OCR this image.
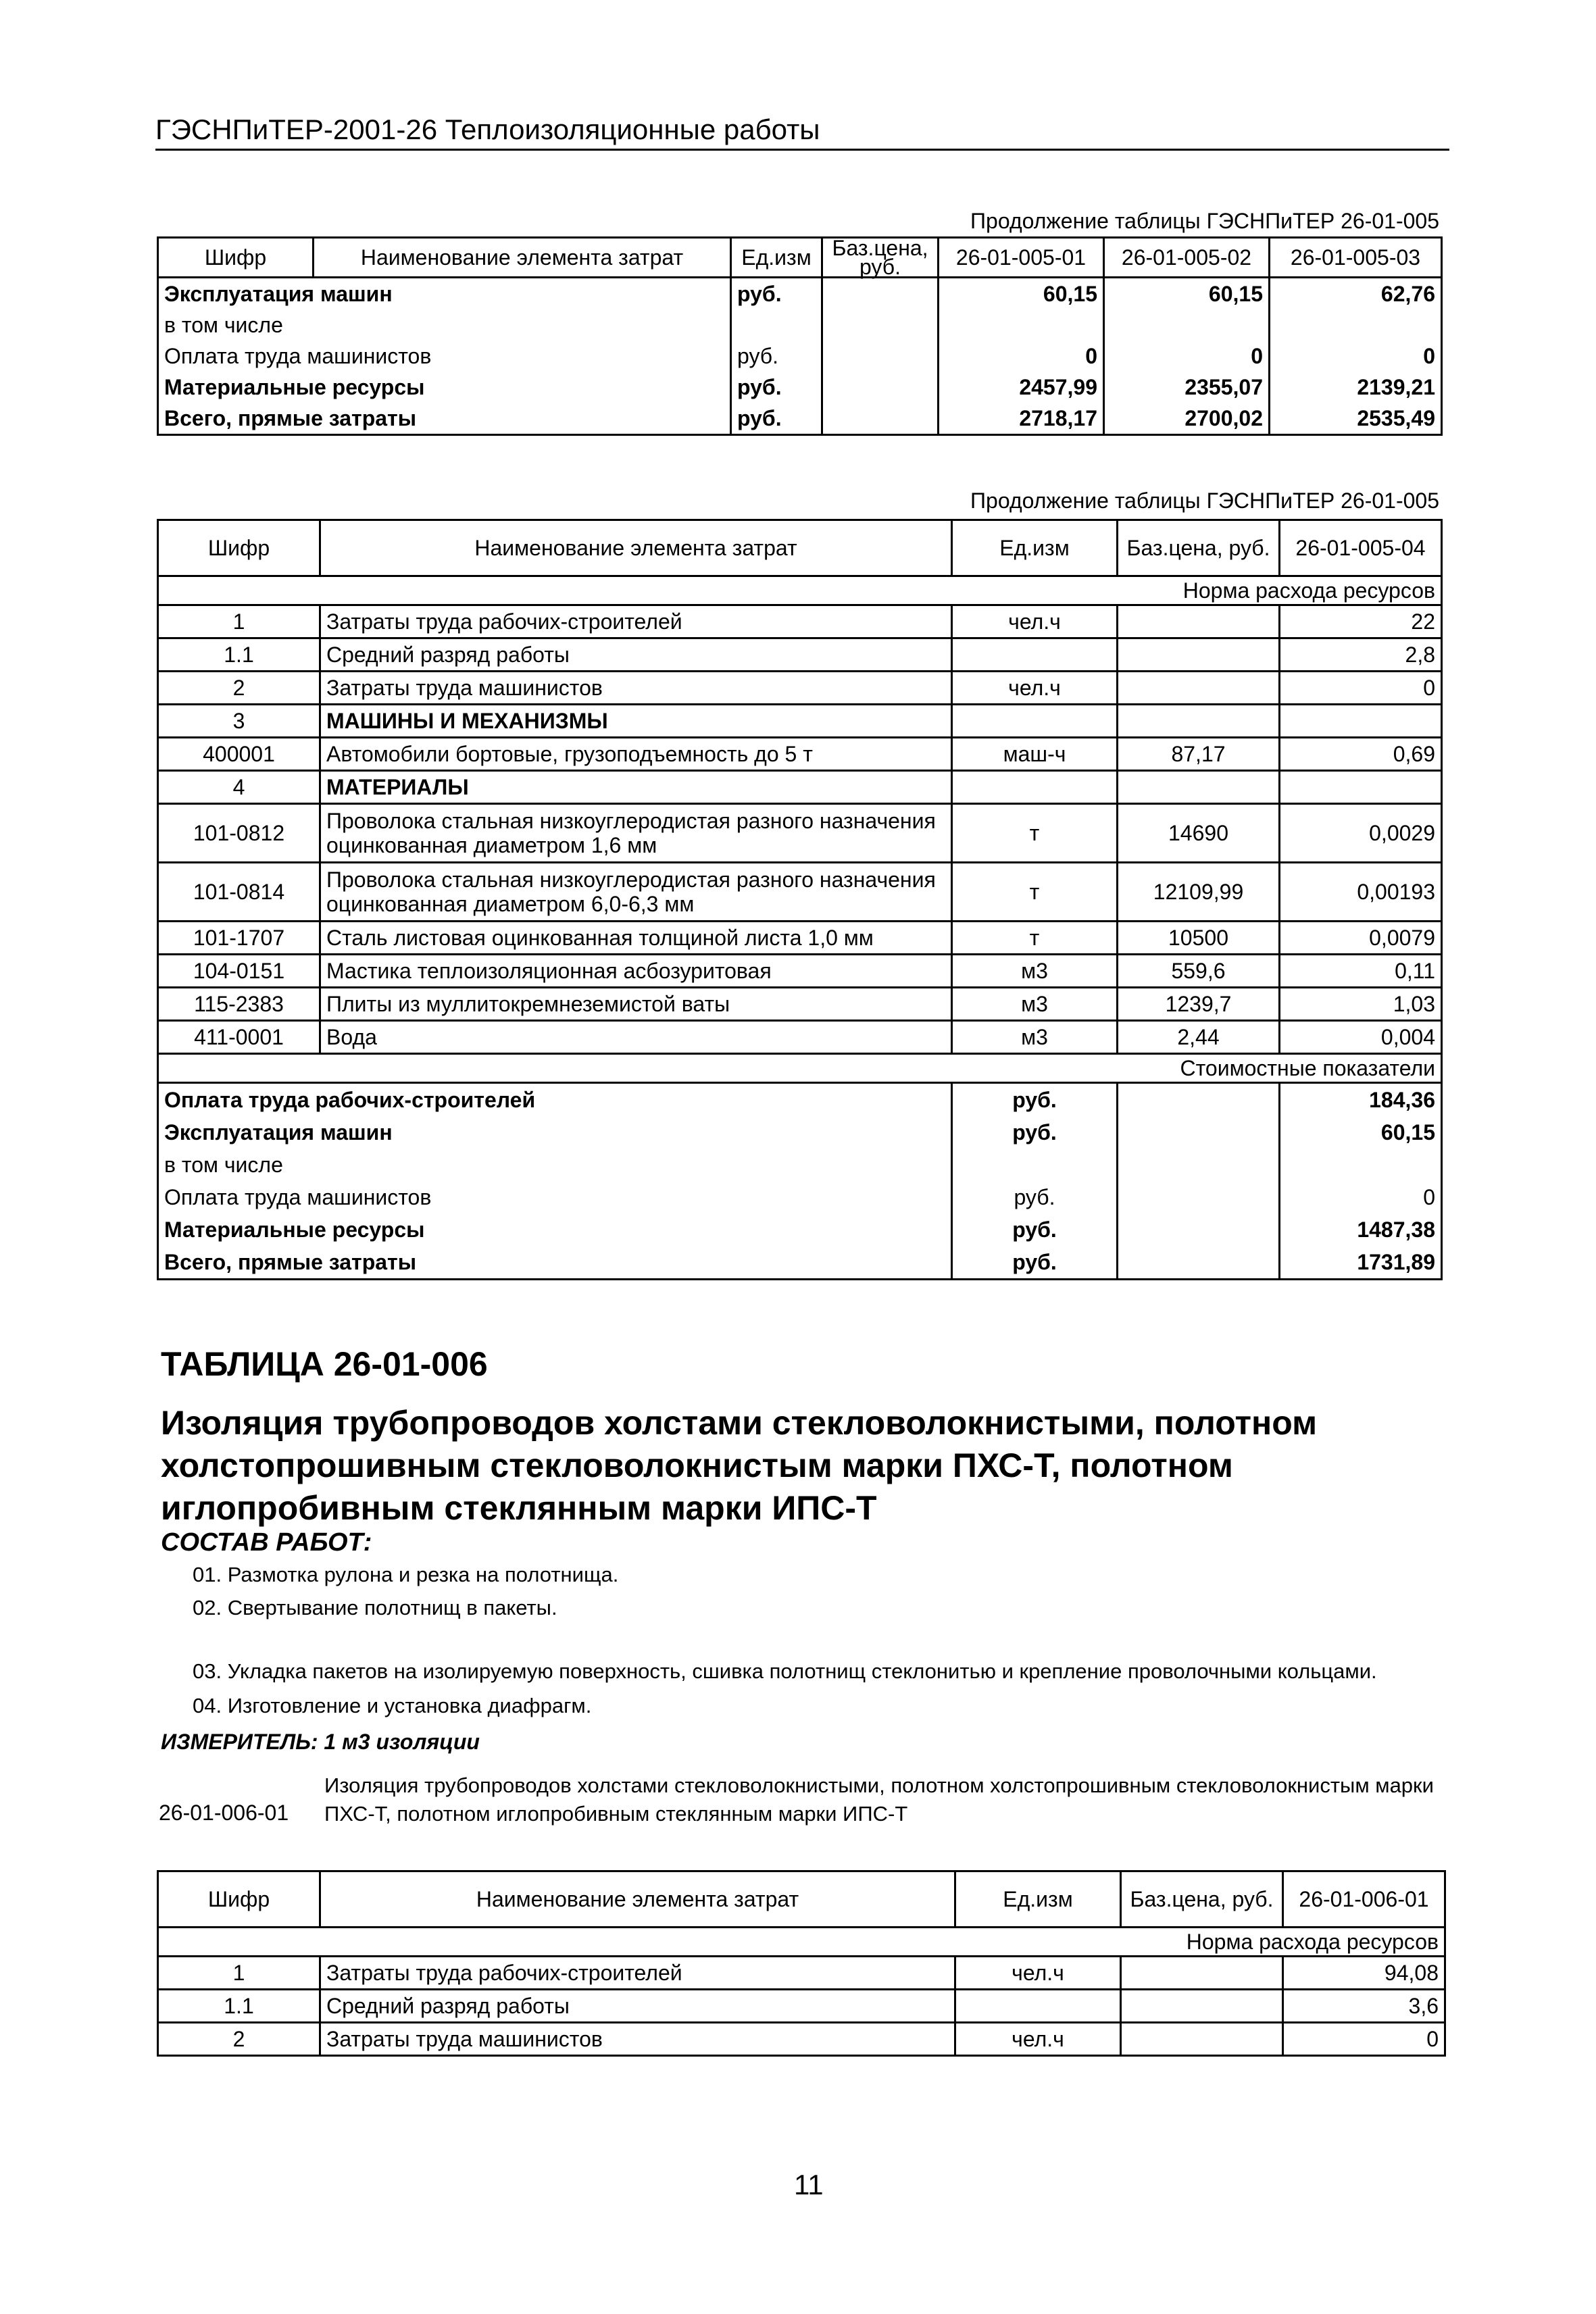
ГЭСНПиТЕР-2001-26 Теплоизоляционные работы
Продолжение таблицы ГЭСНПиТЕР 26-01-005
Шифр	Наименование элемента затрат	Ед.изм	Баз.цена, руб.	26-01-005-01	26-01-005-02	26-01-005-03
Эксплуатация машин		руб.		60,15	60,15	62,76
в том числе						
Оплата труда машинистов		руб.		0	0	0
Материальные ресурсы		руб.		2457,99	2355,07	2139,21
Всего, прямые затраты		руб.		2718,17	2700,02	2535,49
Продолжение таблицы ГЭСНПиТЕР 26-01-005
Шифр	Наименование элемента затрат	Ед.изм	Баз.цена, руб.	26-01-005-04
Норма расхода ресурсов				
1	Затраты труда рабочих-строителей	чел.ч		22
1.1	Средний разряд работы			2,8
2	Затраты труда машинистов	чел.ч		0
3	МАШИНЫ И МЕХАНИЗМЫ			
400001	Автомобили бортовые, грузоподъемность до 5 т	маш-ч	87,17	0,69
4	МАТЕРИАЛЫ			
101-0812	Проволока стальная низкоуглеродистая разного назначения оцинкованная диаметром 1,6 мм	т	14690	0,0029
101-0814	Проволока стальная низкоуглеродистая разного назначения оцинкованная диаметром 6,0-6,3 мм	т	12109,99	0,00193
101-1707	Сталь листовая оцинкованная толщиной листа 1,0 мм	т	10500	0,0079
104-0151	Мастика теплоизоляционная асбозуритовая	м3	559,6	0,11
115-2383	Плиты из муллитокремнеземистой ваты	м3	1239,7	1,03
411-0001	Вода	м3	2,44	0,004
Стоимостные показатели				
Оплата труда рабочих-строителей		руб.		184,36
Эксплуатация машин		руб.		60,15
в том числе				
Оплата труда машинистов		руб.		0
Материальные ресурсы		руб.		1487,38
Всего, прямые затраты		руб.		1731,89
ТАБЛИЦА 26-01-006
Изоляция трубопроводов холстами стекловолокнистыми, полотном холстопрошивным стекловолокнистым марки ПХС-Т, полотном иглопробивным стеклянным марки ИПС-Т
СОСТАВ РАБОТ:
01. Размотка рулона и резка на полотнища.
02. Свертывание полотнищ в пакеты.
03. Укладка пакетов на изолируемую поверхность, сшивка полотнищ стеклонитью и крепление проволочными кольцами.
04. Изготовление и установка диафрагм.
ИЗМЕРИТЕЛЬ: 1 м3 изоляции
Изоляция трубопроводов холстами стекловолокнистыми, полотном холстопрошивным стекловолокнистым марки ПХС-Т, полотном иглопробивным стеклянным марки ИПС-Т
26-01-006-01
Шифр	Наименование элемента затрат	Ед.изм	Баз.цена, руб.	26-01-006-01
Норма расхода ресурсов				
1	Затраты труда рабочих-строителей	чел.ч		94,08
1.1	Средний разряд работы			3,6
2	Затраты труда машинистов	чел.ч		0
11
